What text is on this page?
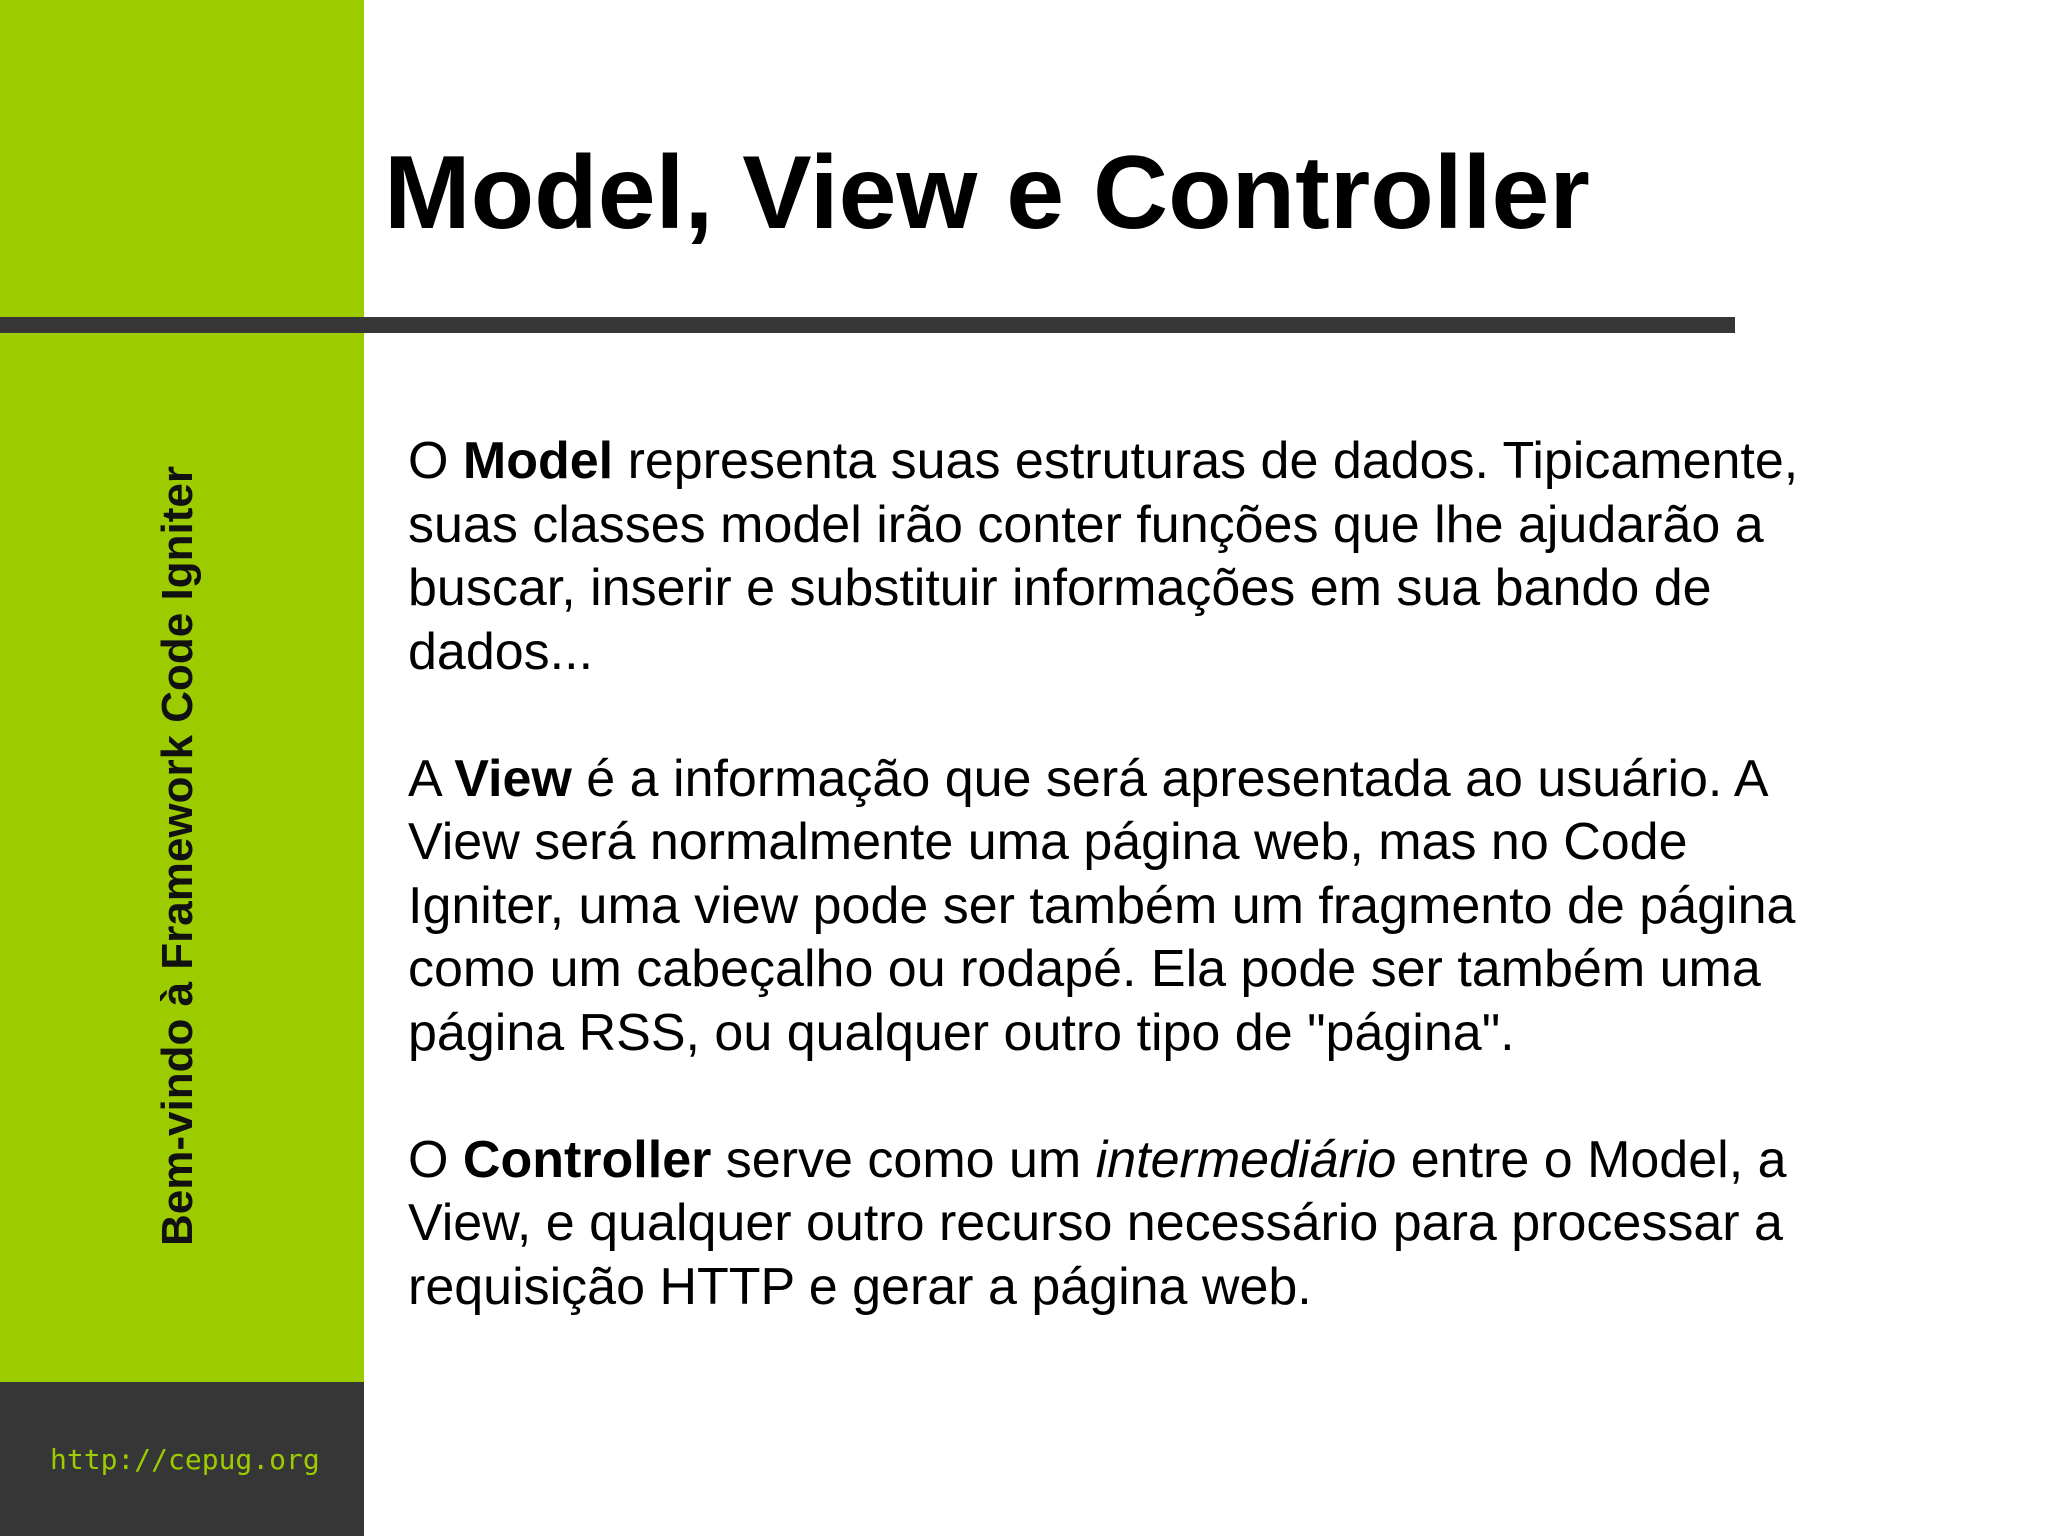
Bem-vindo à Framework Code Igniter
http://cepug.org
Model, View e Controller

O Model representa suas estruturas de dados. Tipicamente,
suas classes model irão conter funções que lhe ajudarão a
buscar, inserir e substituir informações em sua bando de
dados...

A View é a informação que será apresentada ao usuário. A
View será normalmente uma página web, mas no Code
Igniter, uma view pode ser também um fragmento de página
como um cabeçalho ou rodapé. Ela pode ser também uma
página RSS, ou qualquer outro tipo de "página".

O Controller serve como um intermediário entre o Model, a
View, e qualquer outro recurso necessário para processar a
requisição HTTP e gerar a página web.
